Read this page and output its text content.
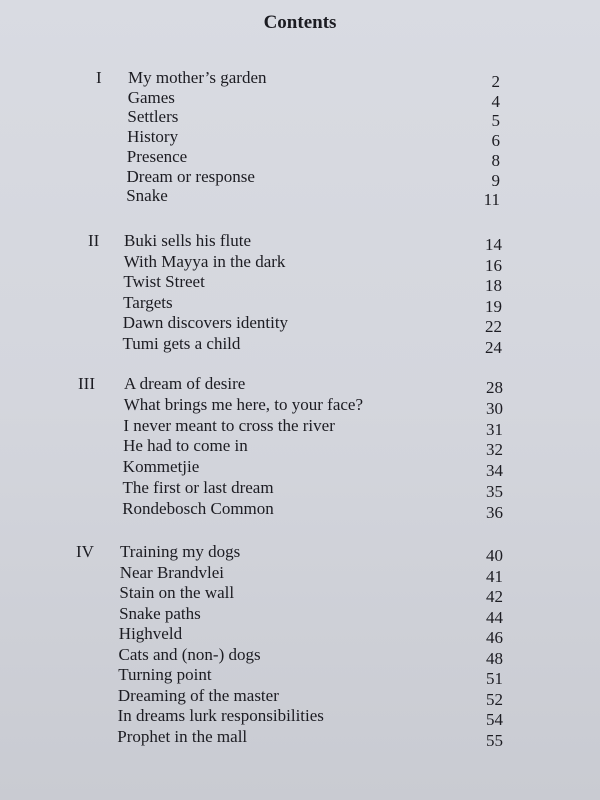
Contents
I My mother’s garden	2
Games	4
Settlers	5
History	6
Presence	8
Dream or response	9
Snake	11
II Buki sells his flute	14
With Mayya in the dark	16
Twist Street	18
Targets	19
Dawn discovers identity	22
Tumi gets a child	24
III A dream of desire	28
What brings me here, to your face?	30
I never meant to cross the river	31
He had to come in	32
Kommetjie	34
The first or last dream	35
Rondebosch Common	36
IV Training my dogs	40
Near Brandvlei	41
Stain on the wall	42
Snake paths	44
Highveld	46
Cats and (non-) dogs	48
Turning point	51
Dreaming of the master	52
In dreams lurk responsibilities	54
Prophet in the mall	55
